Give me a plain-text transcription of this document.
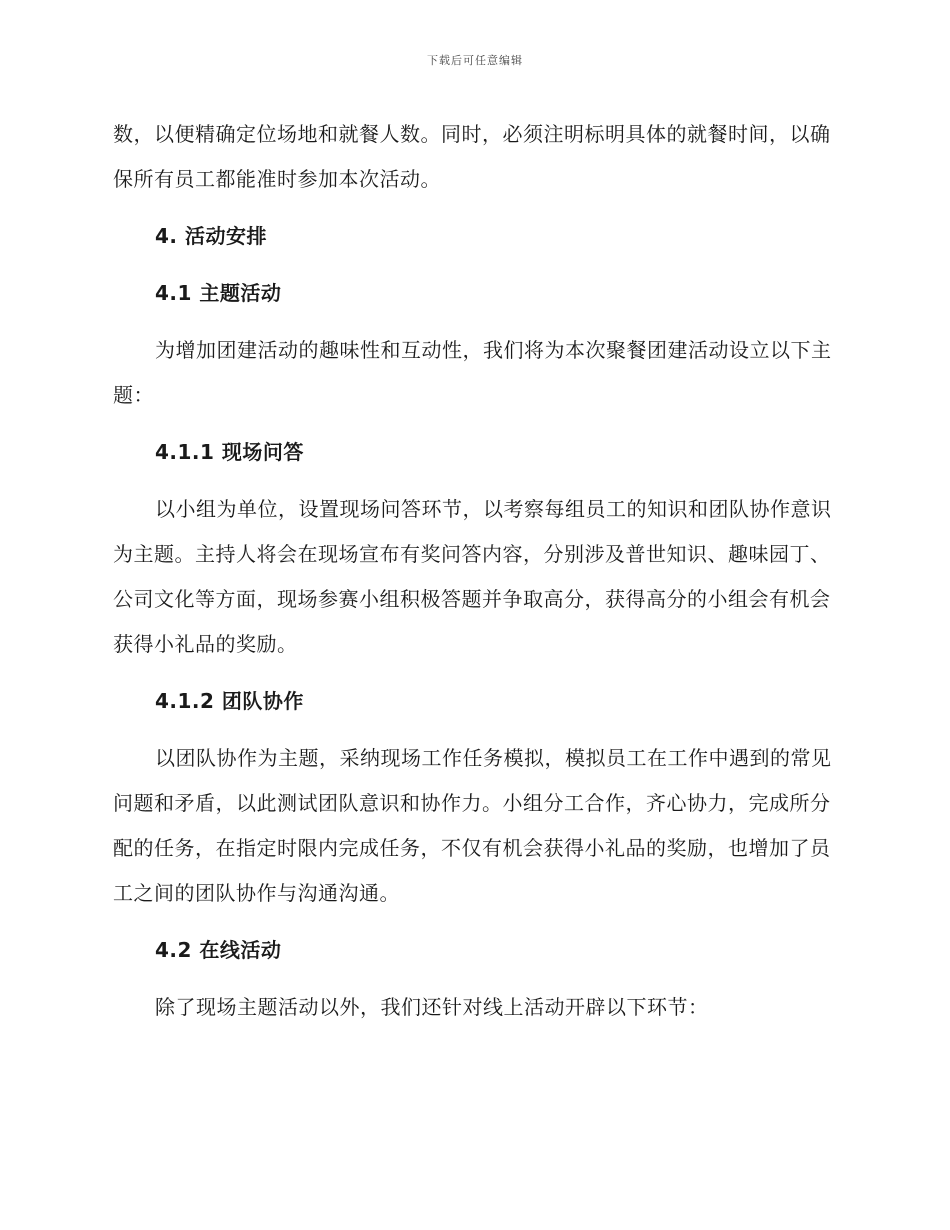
下载后可任意编辑

数，以便精确定位场地和就餐人数。同时，必须注明标明具体的就餐时间，以确保所有员工都能准时参加本次活动。

4. 活动安排
4.1 主题活动

为增加团建活动的趣味性和互动性，我们将为本次聚餐团建活动设立以下主题：

4.1.1 现场问答

以小组为单位，设置现场问答环节，以考察每组员工的知识和团队协作意识为主题。主持人将会在现场宣布有奖问答内容，分别涉及普世知识、趣味园丁、公司文化等方面，现场参赛小组积极答题并争取高分，获得高分的小组会有机会获得小礼品的奖励。

4.1.2 团队协作

以团队协作为主题，采纳现场工作任务模拟，模拟员工在工作中遇到的常见问题和矛盾，以此测试团队意识和协作力。小组分工合作，齐心协力，完成所分配的任务，在指定时限内完成任务，不仅有机会获得小礼品的奖励，也增加了员工之间的团队协作与沟通沟通。

4.2 在线活动

除了现场主题活动以外，我们还针对线上活动开辟以下环节：
